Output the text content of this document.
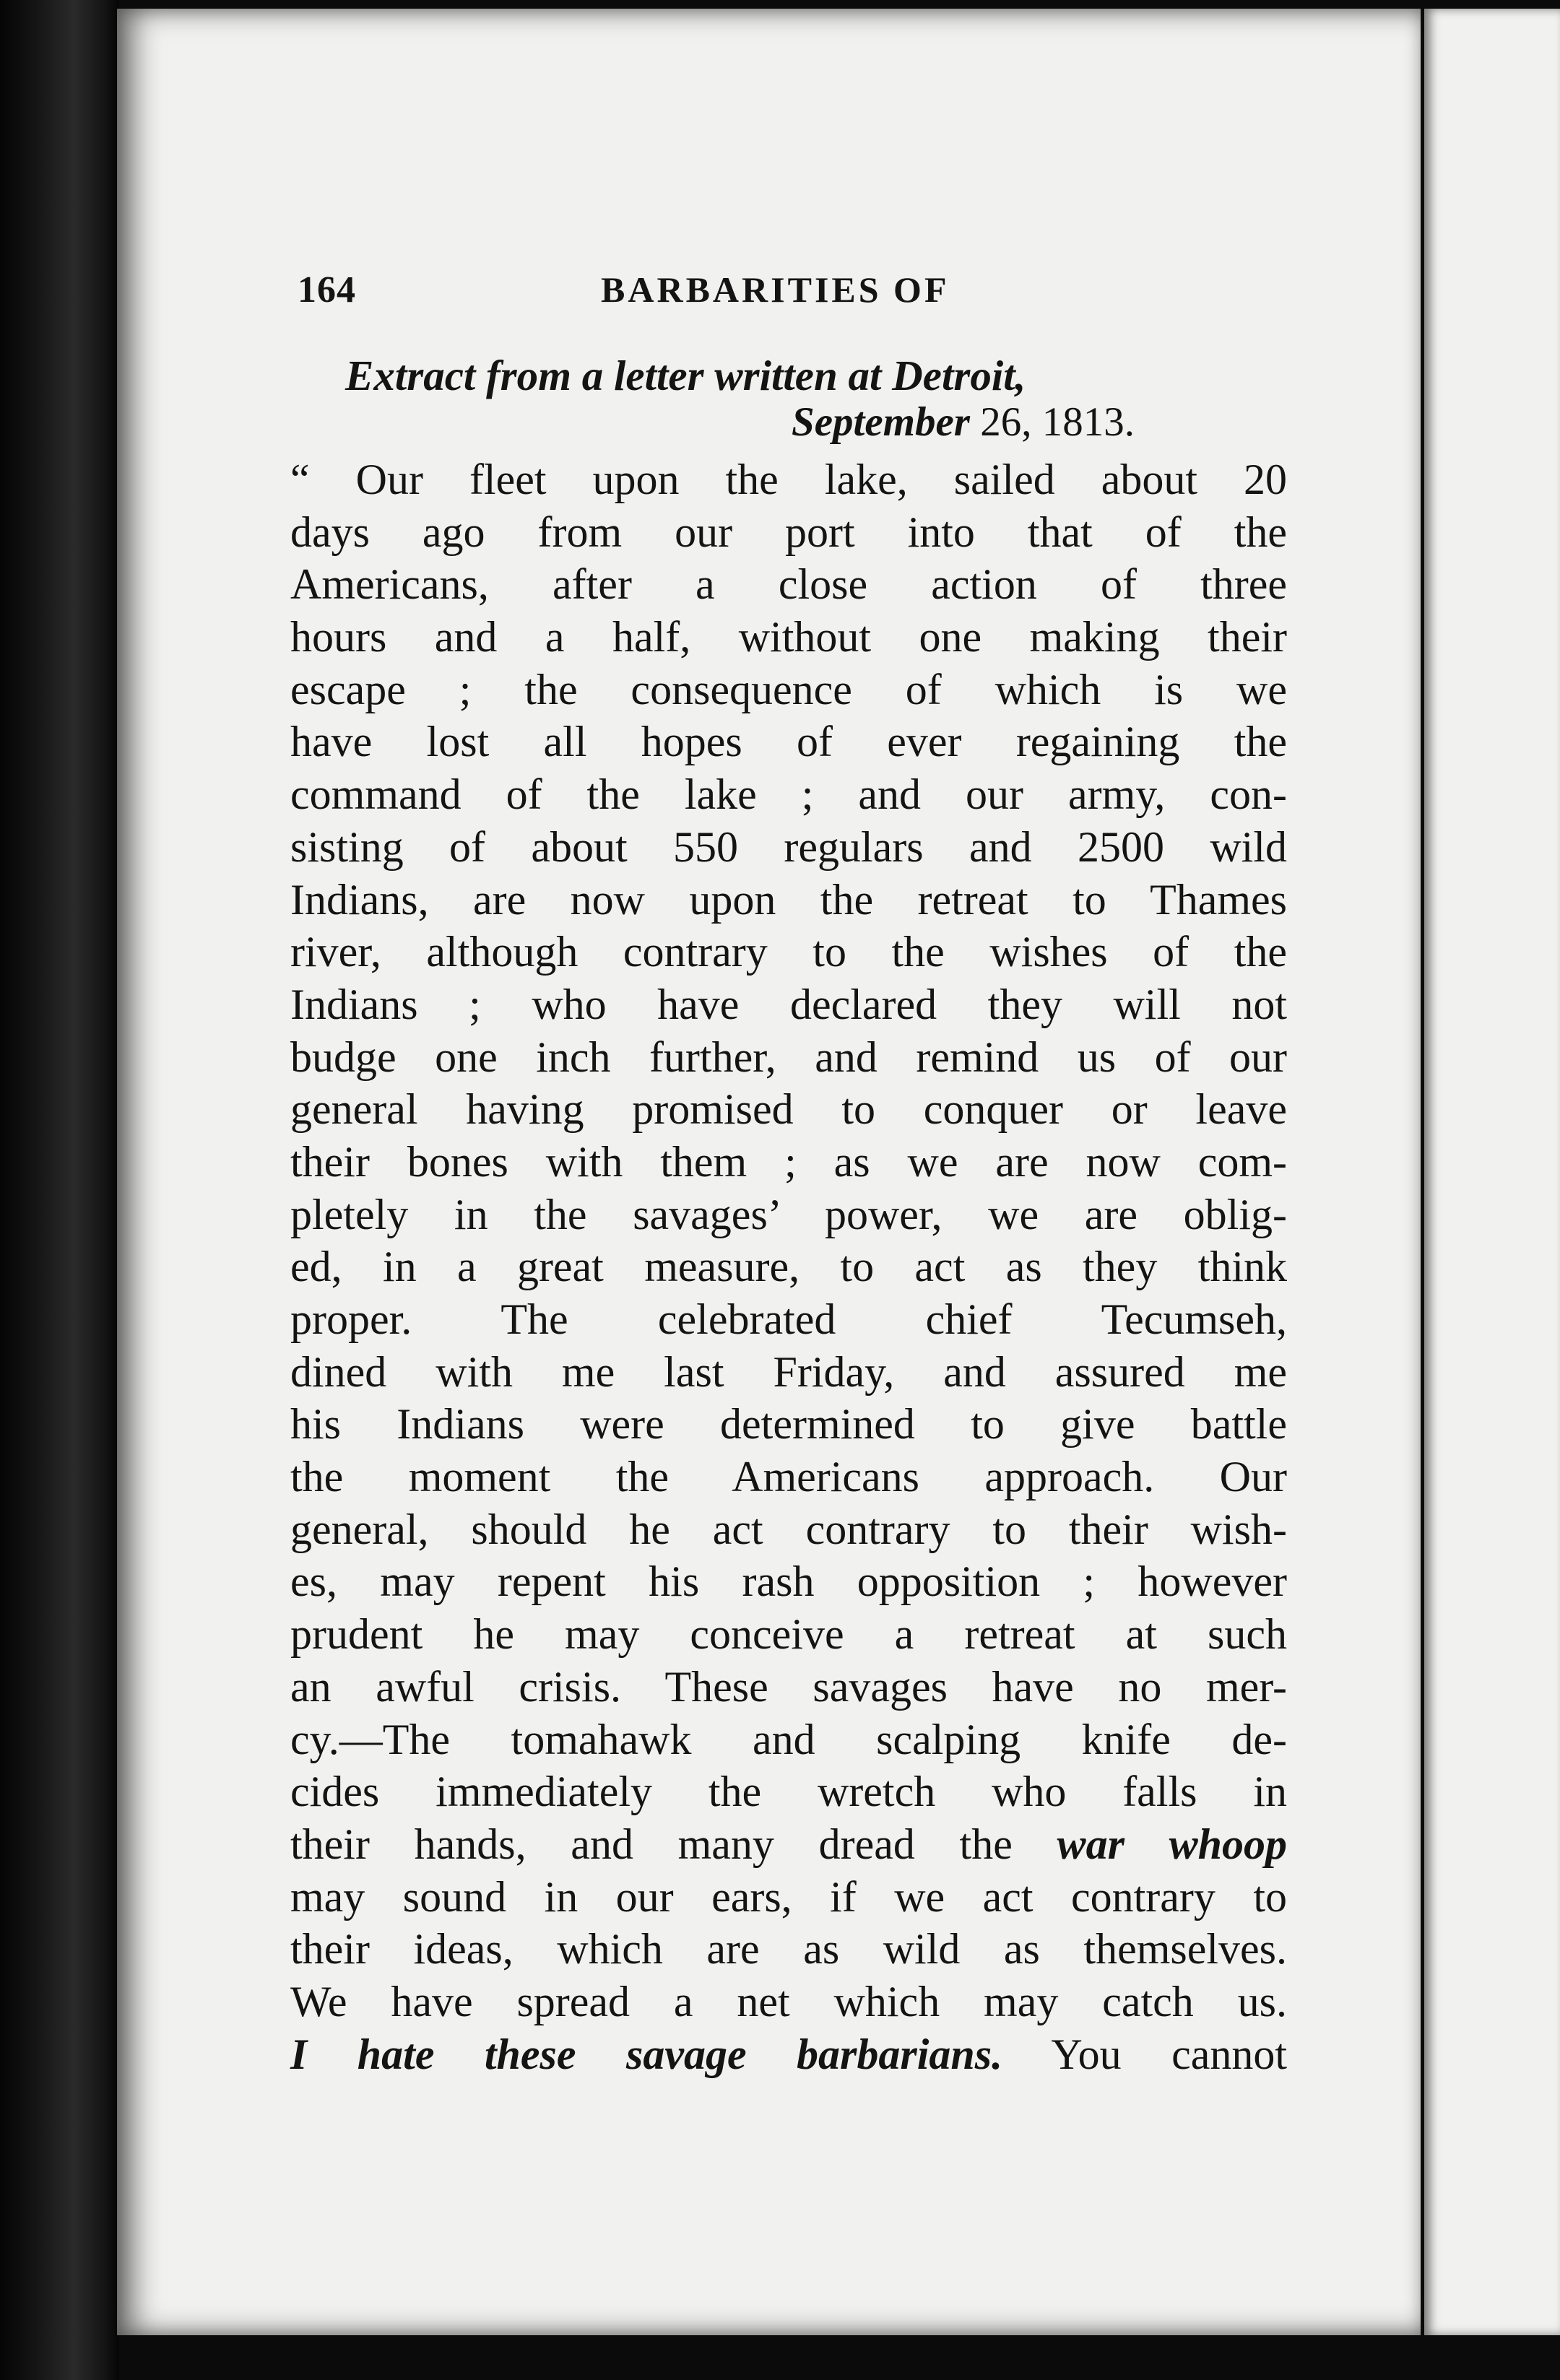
164	BARBARITIES OF
Extract from a letter written at Detroit,
September 26, 1813.
“ Our fleet upon the lake, sailed about 20
days ago from our port into that of the
Americans, after a close action of three
hours and a half, without one making their
escape ; the consequence of which is we
have lost all hopes of ever regaining the
command of the lake ; and our army, con-
sisting of about 550 regulars and 2500 wild
Indians, are now upon the retreat to Thames
river, although contrary to the wishes of the
Indians ; who have declared they will not
budge one inch further, and remind us of our
general having promised to conquer or leave
their bones with them ; as we are now com-
pletely in the savages’ power, we are oblig-
ed, in a great measure, to act as they think
proper. The celebrated chief Tecumseh,
dined with me last Friday, and assured me
his Indians were determined to give battle
the moment the Americans approach. Our
general, should he act contrary to their wish-
es, may repent his rash opposition ; however
prudent he may conceive a retreat at such
an awful crisis. These savages have no mer-
cy.—The tomahawk and scalping knife de-
cides immediately the wretch who falls in
their hands, and many dread the war whoop
may sound in our ears, if we act contrary to
their ideas, which are as wild as themselves.
We have spread a net which may catch us.
I hate these savage barbarians. You cannot
